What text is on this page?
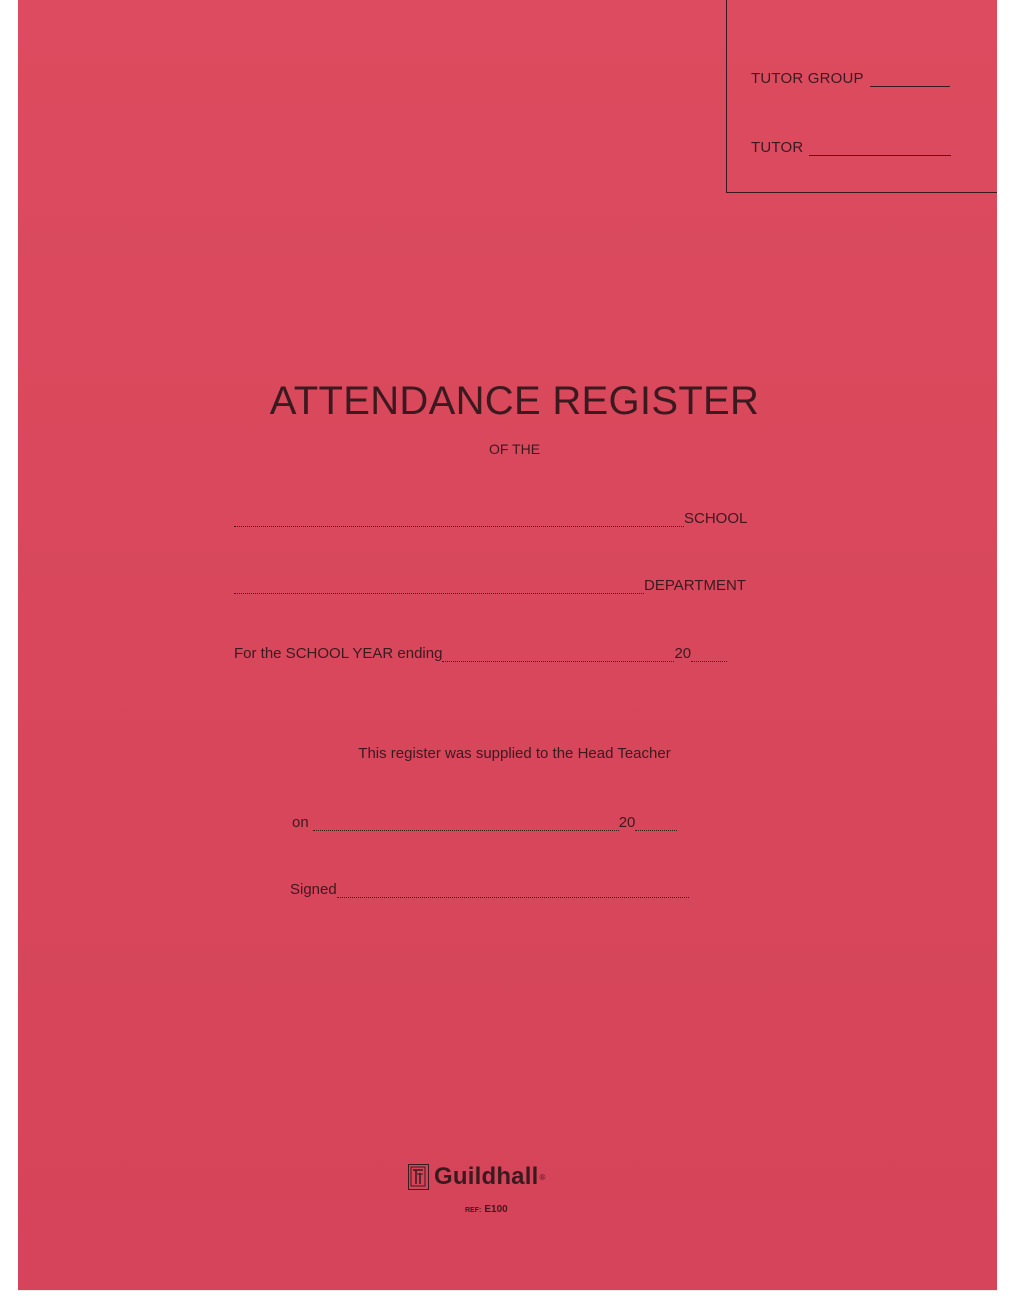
TUTOR GROUP
TUTOR
ATTENDANCE REGISTER
OF THE
SCHOOL
DEPARTMENT
For the SCHOOL YEAR ending	20
This register was supplied to the Head Teacher
on	20
Signed
Guildhall ®
REF: E100
